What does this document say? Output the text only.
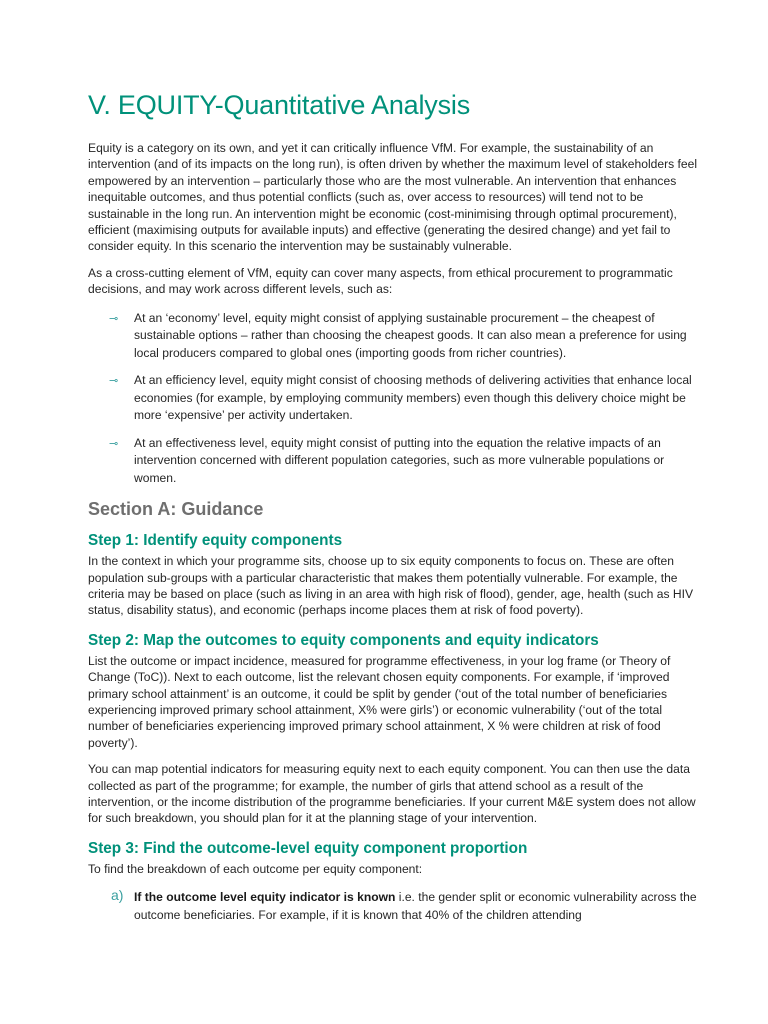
V. EQUITY-Quantitative Analysis

Equity is a category on its own, and yet it can critically influence VfM. For example, the sustainability of an intervention (and of its impacts on the long run), is often driven by whether the maximum level of stakeholders feel empowered by an intervention – particularly those who are the most vulnerable. An intervention that enhances inequitable outcomes, and thus potential conflicts (such as, over access to resources) will tend not to be sustainable in the long run. An intervention might be economic (cost-minimising through optimal procurement), efficient (maximising outputs for available inputs) and effective (generating the desired change) and yet fail to consider equity. In this scenario the intervention may be sustainably vulnerable.

As a cross-cutting element of VfM, equity can cover many aspects, from ethical procurement to programmatic decisions, and may work across different levels, such as:

⊸ At an ‘economy’ level, equity might consist of applying sustainable procurement – the cheapest of sustainable options – rather than choosing the cheapest goods. It can also mean a preference for using local producers compared to global ones (importing goods from richer countries).
⊸ At an efficiency level, equity might consist of choosing methods of delivering activities that enhance local economies (for example, by employing community members) even though this delivery choice might be more ‘expensive’ per activity undertaken.
⊸ At an effectiveness level, equity might consist of putting into the equation the relative impacts of an intervention concerned with different population categories, such as more vulnerable populations or women.
Section A: Guidance
Step 1: Identify equity components

In the context in which your programme sits, choose up to six equity components to focus on. These are often population sub-groups with a particular characteristic that makes them potentially vulnerable. For example, the criteria may be based on place (such as living in an area with high risk of flood), gender, age, health (such as HIV status, disability status), and economic (perhaps income places them at risk of food poverty).

Step 2: Map the outcomes to equity components and equity indicators

List the outcome or impact incidence, measured for programme effectiveness, in your log frame (or Theory of Change (ToC)). Next to each outcome, list the relevant chosen equity components. For example, if ‘improved primary school attainment’ is an outcome, it could be split by gender (‘out of the total number of beneficiaries experiencing improved primary school attainment, X% were girls’) or economic vulnerability (‘out of the total number of beneficiaries experiencing improved primary school attainment, X % were children at risk of food poverty’).

You can map potential indicators for measuring equity next to each equity component. You can then use the data collected as part of the programme; for example, the number of girls that attend school as a result of the intervention, or the income distribution of the programme beneficiaries. If your current M&E system does not allow for such breakdown, you should plan for it at the planning stage of your intervention.

Step 3: Find the outcome-level equity component proportion

To find the breakdown of each outcome per equity component:

a) If the outcome level equity indicator is known i.e. the gender split or economic vulnerability across the outcome beneficiaries. For example, if it is known that 40% of the children attending
